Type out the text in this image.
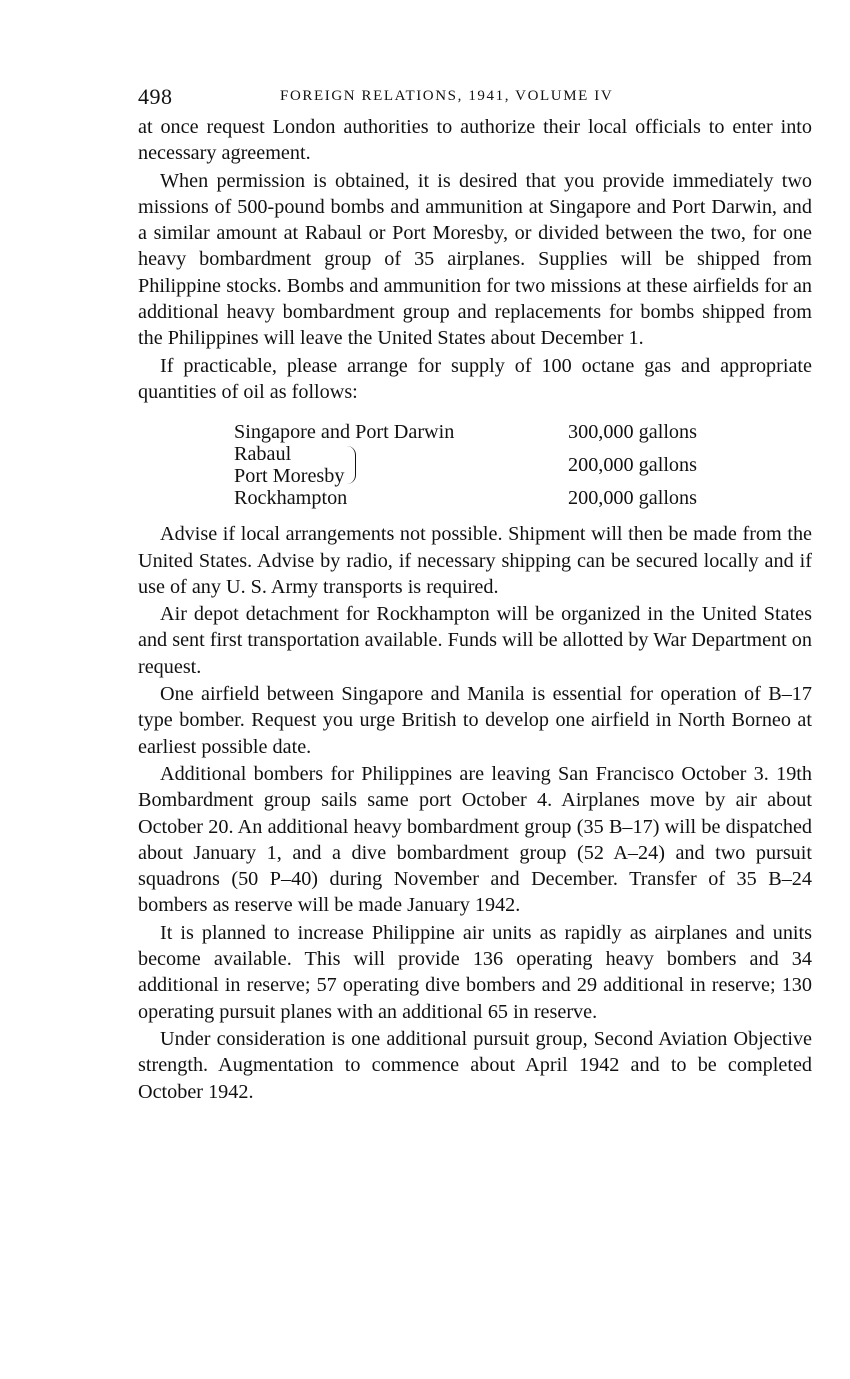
498	FOREIGN RELATIONS, 1941, VOLUME IV

at once request London authorities to authorize their local officials to enter into necessary agreement.

When permission is obtained, it is desired that you provide immediately two missions of 500-pound bombs and ammunition at Singapore and Port Darwin, and a similar amount at Rabaul or Port Moresby, or divided between the two, for one heavy bombardment group of 35 airplanes. Supplies will be shipped from Philippine stocks. Bombs and ammunition for two missions at these airfields for an additional heavy bombardment group and replacements for bombs shipped from the Philippines will leave the United States about December 1.

If practicable, please arrange for supply of 100 octane gas and appropriate quantities of oil as follows:

Singapore and Port Darwin	300,000 gallons

Rabaul
Port Moresby	200,000 gallons

Rockhampton	200,000 gallons

Advise if local arrangements not possible. Shipment will then be made from the United States. Advise by radio, if necessary shipping can be secured locally and if use of any U. S. Army transports is required.

Air depot detachment for Rockhampton will be organized in the United States and sent first transportation available. Funds will be allotted by War Department on request.

One airfield between Singapore and Manila is essential for operation of B–17 type bomber. Request you urge British to develop one airfield in North Borneo at earliest possible date.

Additional bombers for Philippines are leaving San Francisco October 3. 19th Bombardment group sails same port October 4. Airplanes move by air about October 20. An additional heavy bombardment group (35 B–17) will be dispatched about January 1, and a dive bombardment group (52 A–24) and two pursuit squadrons (50 P–40) during November and December. Transfer of 35 B–24 bombers as reserve will be made January 1942.

It is planned to increase Philippine air units as rapidly as airplanes and units become available. This will provide 136 operating heavy bombers and 34 additional in reserve; 57 operating dive bombers and 29 additional in reserve; 130 operating pursuit planes with an additional 65 in reserve.

Under consideration is one additional pursuit group, Second Aviation Objective strength. Augmentation to commence about April 1942 and to be completed October 1942.
